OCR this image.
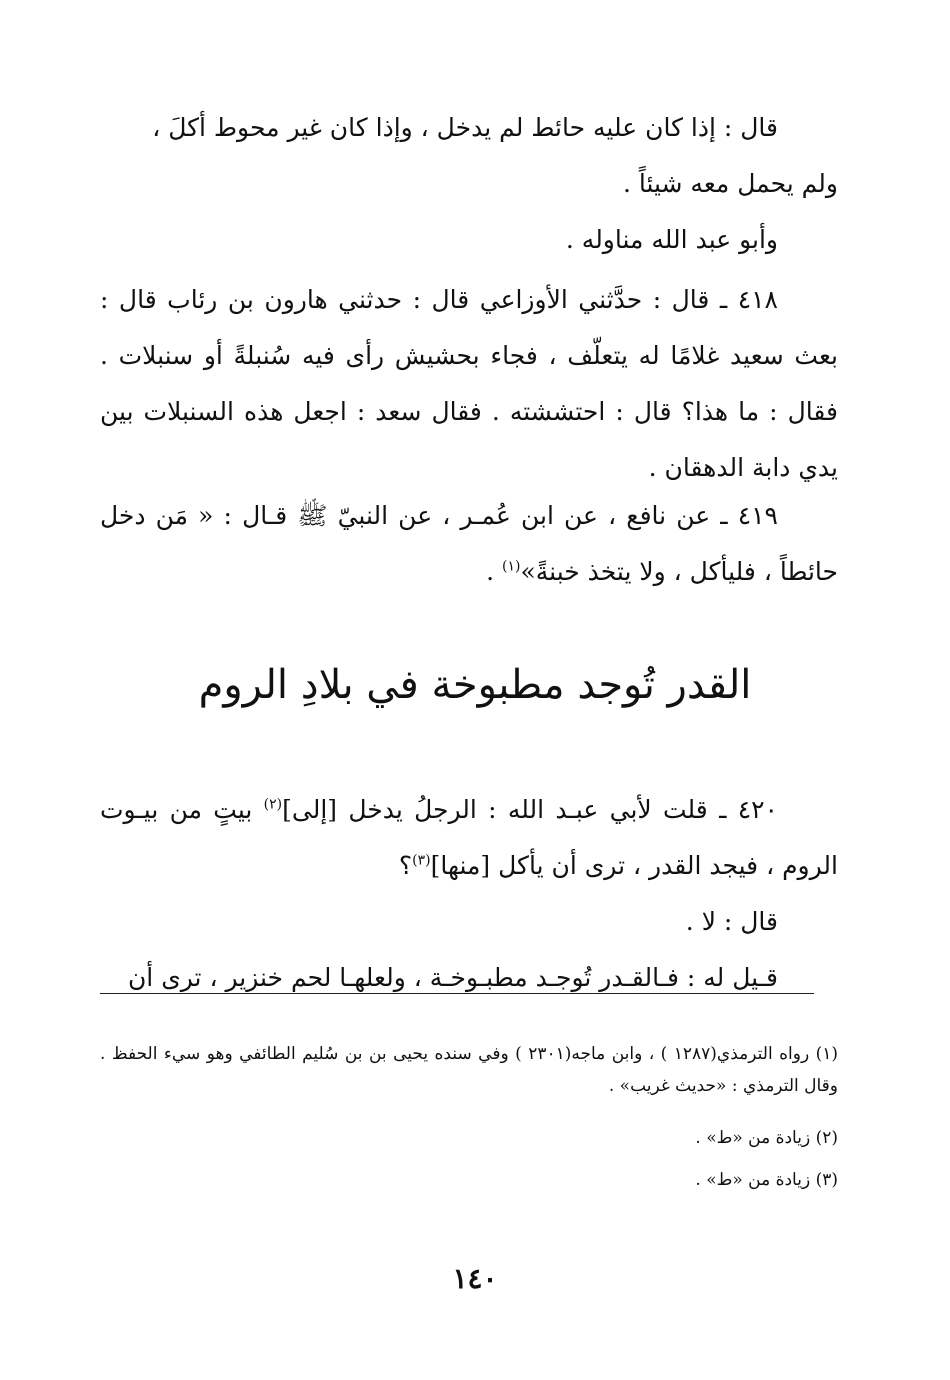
قال : إذا كان عليه حائط لم يدخل ، وإذا كان غير محوط أكلَ ،

ولم يحمل معه شيئاً .

وأبو عبد الله مناوله .

٤١٨ ـ قال : حدَّثني الأوزاعي قال : حدثني هارون بن رئاب قال : بعث سعيد غلامًا له يتعلّف ، فجاء بحشيش رأى فيه سُنبلةً أو سنبلات . فقال : ما هذا؟ قال : احتششته . فقال سعد : اجعل هذه السنبلات بين يدي دابة الدهقان .

٤١٩ ـ عن نافع ، عن ابن عُمـر ، عن النبيّ ﷺ قـال : « مَن دخل حائطاً ، فليأكل ، ولا يتخذ خبنةً»$^{(١)}$ .

القدر تُوجد مطبوخة في بلادِ الروم

٤٢٠ ـ قلت لأبي عبـد الله : الرجلُ يدخل [إلى]$^{(٢)}$ بيتٍ من بيـوت الروم ، فيجد القدر ، ترى أن يأكل [منها]$^{(٣)}$؟

قال : لا .

قـيل له : فـالقـدر تُوجـد مطبـوخـة ، ولعلهـا لحم خنزير ، ترى أن

(١) رواه الترمذي(١٢٨٧ ) ، وابن ماجه(٢٣٠١ ) وفي سنده يحيى بن بن سُليم الطائفي وهو سيء الحفظ . وقال الترمذي : «حديث غريب» .

(٢) زيادة من «ط» .

(٣) زيادة من «ط» .

١٤٠
